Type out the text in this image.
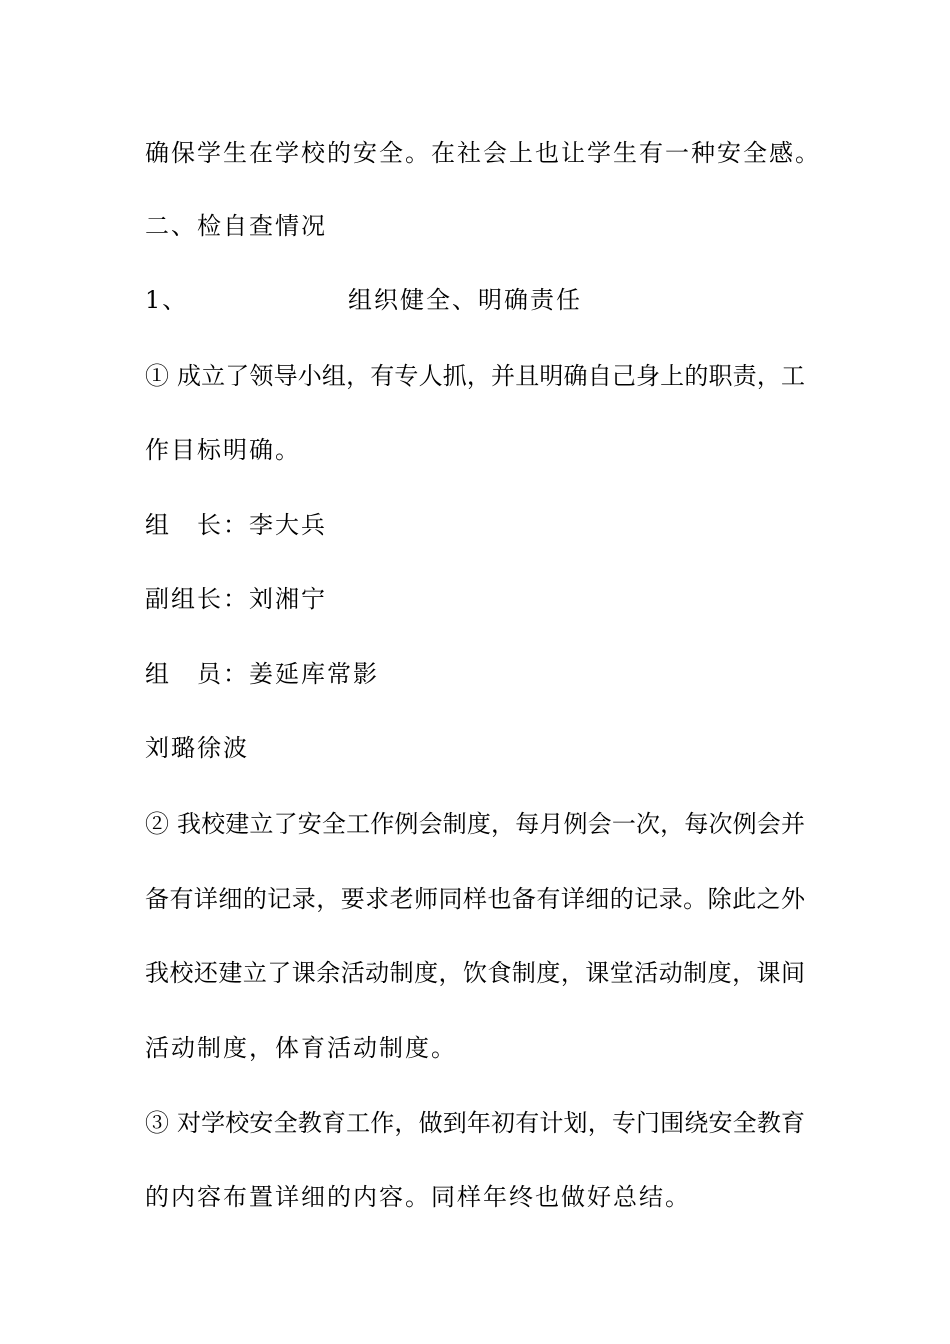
确保学生在学校的安全。在社会上也让学生有一种安全感。
二、检自查情况
1、	组织健全、明确责任
① 成立了领导小组，有专人抓，并且明确自己身上的职责，工
作目标明确。
组　长：李大兵
副组长：刘湘宁
组　员：姜延库常影
刘璐徐波
② 我校建立了安全工作例会制度，每月例会一次，每次例会并
备有详细的记录，要求老师同样也备有详细的记录。除此之外
我校还建立了课余活动制度，饮食制度，课堂活动制度，课间
活动制度，体育活动制度。
③ 对学校安全教育工作，做到年初有计划，专门围绕安全教育
的内容布置详细的内容。同样年终也做好总结。
